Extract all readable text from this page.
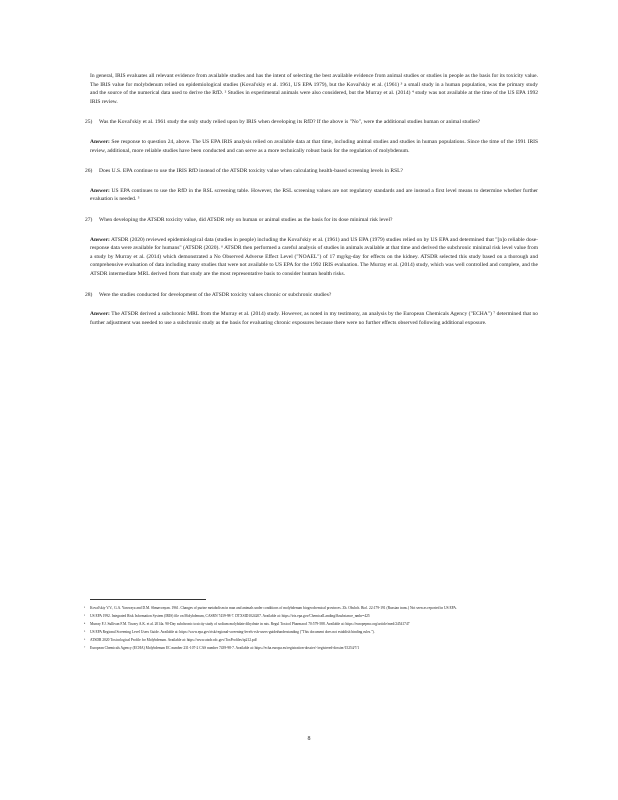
In general, IRIS evaluates all relevant evidence from available studies and has the intent of selecting the best available evidence from animal studies or studies in people as the basis for its toxicity value. The IRIS value for molybdenum relied on epidemiological studies (Koval'skiy et al. 1961, US EPA 1979), but the Koval'skiy et al. (1961) ³ a small study in a human population, was the primary study and the source of the numerical data used to derive the RfD. ² Studies in experimental animals were also considered, but the Murray et al. (2014) ⁴ study was not available at the time of the US EPA 1992 IRIS review.

25)	Was the Koval'skiy et al. 1961 study the only study relied upon by IRIS when developing its RfD? If the above is "No", were the additional studies human or animal studies?

Answer: See response to question 24, above. The US EPA IRIS analysis relied on available data at that time, including animal studies and studies in human populations. Since the time of the 1991 IRIS review, additional, more reliable studies have been conducted and can serve as a more technically robust basis for the regulation of molybdenum.

26)	Does U.S. EPA continue to use the IRIS RfD instead of the ATSDR toxicity value when calculating health-based screening levels in RSL?

Answer: US EPA continues to use the RfD in the RSL screening table. However, the RSL screening values are not regulatory standards and are instead a first level means to determine whether further evaluation is needed. ⁵

27)	When developing the ATSDR toxicity value, did ATSDR rely on human or animal studies as the basis for its dose minimal risk level?

Answer: ATSDR (2020) reviewed epidemiological data (studies in people) including the Koval'skiy et al. (1961) and US EPA (1979) studies relied on by US EPA and determined that "[n]o reliable dose-response data were available for humans" (ATSDR (2020). ⁶ ATSDR then performed a careful analysis of studies in animals available at that time and derived the subchronic minimal risk level value from a study by Murray et al. (2014) which demonstrated a No Observed Adverse Effect Level ("NOAEL") of 17 mg/kg-day for effects on the kidney. ATSDR selected this study based on a thorough and comprehensive evaluation of data including many studies that were not available to US EPA for the 1992 IRIS evaluation. The Murray et al. (2014) study, which was well controlled and complete, and the ATSDR intermediate MRL derived from that study are the most representative basis to consider human health risks.

28)	Were the studies conducted for development of the ATSDR toxicity values chronic or subchronic studies?

Answer: The ATSDR derived a subchronic MRL from the Murray et al. (2014) study. However, as noted in my testimony, an analysis by the European Chemicals Agency ("ECHA") ⁷ determined that no further adjustment was needed to use a subchronic study as the basis for evaluating chronic exposures because there were no further effects observed following additional exposure.

³	Koval'skiy V.V., G.A. Yarovaya and D.M. Shmavonyan. 1961. Changes of purine metabolism in man and animals under conditions of molybdenum biogeochemical provinces. Zh. Obshch. Biol. 22:179-191 (Russian trans.) Not seen as reported in US EPA.
²	US EPA 1992. Integrated Risk Information System (IRIS) file on Molybdenum, CASRN 7439-98-7. DTXSID1024207. Available at: https://iris.epa.gov/ChemicalLanding/&substance_nmbr=425
⁴	Murray F.J. Sullivan F.M. Tiwary A.K. et al. 2014a. 90-Day subchronic toxicity study of sodium molybdate dihydrate in rats. Regul Toxicol Pharmacol 70:579-588. Available at: https://europepmc.org/article/med/24541747
⁵	US EPA Regional Screening Level Users Guide. Available at: https://www.epa.gov/risk/regional-screening-levels-rsls-users-guide#understanding ("This document does not establish binding rules.").
⁶	ATSDR 2020 Toxicological Profile for Molybdenum. Available at: https://www.atsdr.cdc.gov/ToxProfiles/tp212.pdf
⁷	European Chemicals Agency (ECHA) Molybdenum EC number 231-107-2 CAS number 7439-98-7. Available at: https://echa.europa.eu/registration-dossier/-/registered-dossier/15254/7/1
8
